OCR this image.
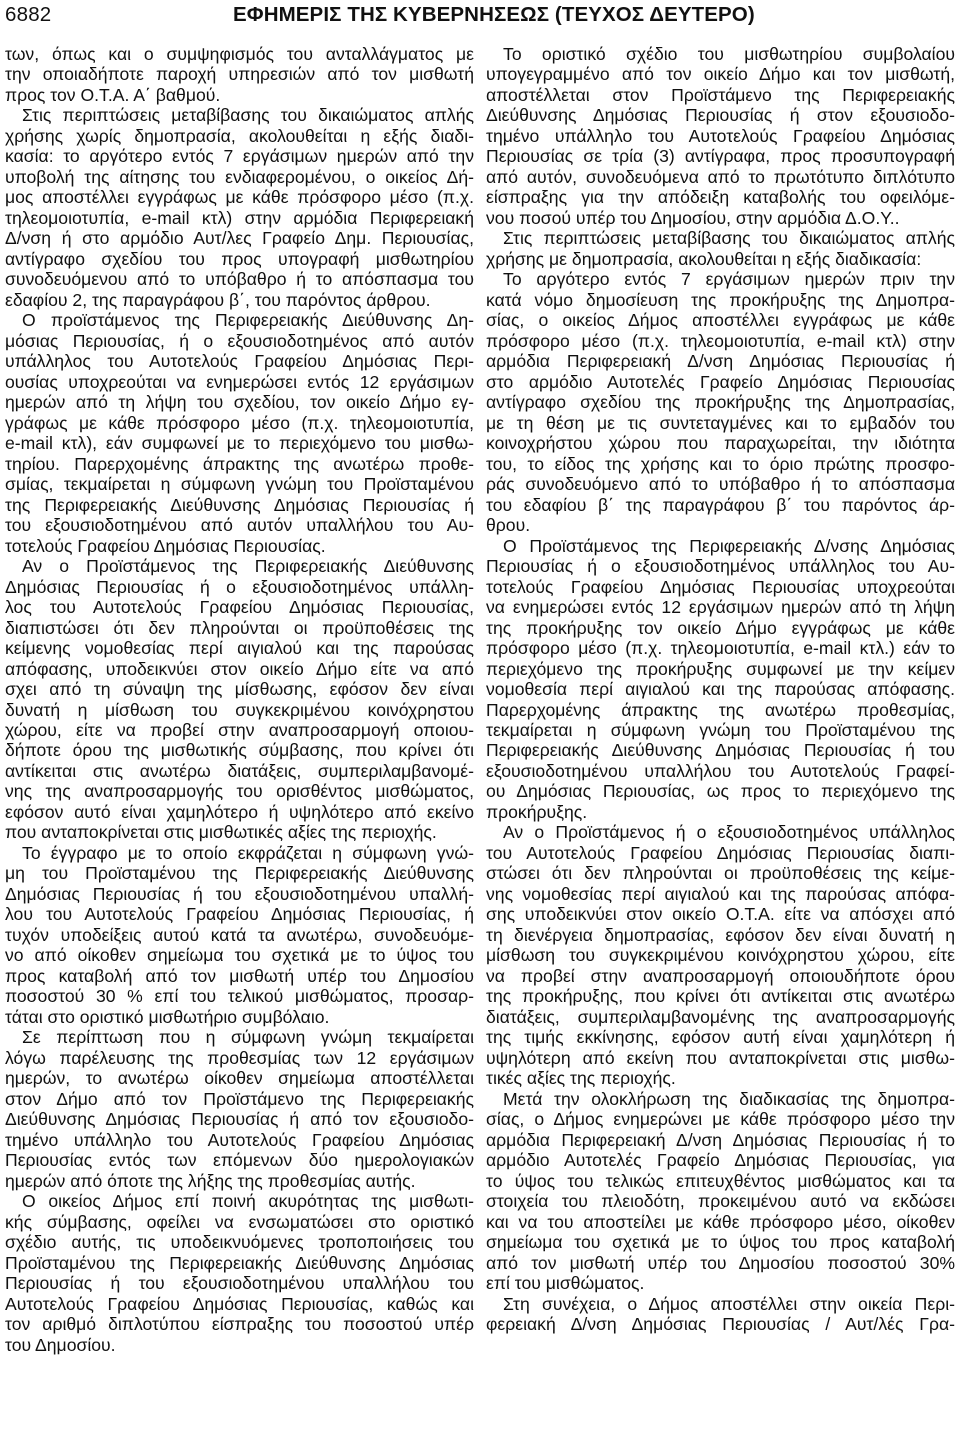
6882	ΕΦΗΜΕΡΙΣ ΤΗΣ ΚΥΒΕΡΝΗΣΕΩΣ (ΤΕΥΧΟΣ ΔΕΥΤΕΡΟ)

των, όπως και ο συμψηφισμός του ανταλλάγματος με
την οποιαδήποτε παροχή υπηρεσιών από τον μισθωτή
προς τον Ο.Τ.Α. Α΄ βαθμού.

Στις περιπτώσεις μεταβίβασης του δικαιώματος απλής
χρήσης χωρίς δημοπρασία, ακολουθείται η εξής διαδι-
κασία: το αργότερο εντός 7 εργάσιμων ημερών από την
υποβολή της αίτησης του ενδιαφερομένου, ο οικείος Δή-
μος αποστέλλει εγγράφως με κάθε πρόσφορο μέσο (π.χ.
τηλεομοιοτυπία, e-mail κτλ) στην αρμόδια Περιφερειακή
Δ/νση ή στο αρμόδιο Αυτ/λες Γραφείο Δημ. Περιουσίας,
αντίγραφο σχεδίου του προς υπογραφή μισθωτηρίου
συνοδευόμενου από το υπόβαθρο ή το απόσπασμα του
εδαφίου 2, της παραγράφου β΄, του παρόντος άρθρου.

Ο προϊστάμενος της Περιφερειακής Διεύθυνσης Δη-
μόσιας Περιουσίας, ή ο εξουσιοδοτημένος από αυτόν
υπάλληλος του Αυτοτελούς Γραφείου Δημόσιας Περι-
ουσίας υποχρεούται να ενημερώσει εντός 12 εργάσιμων
ημερών από τη λήψη του σχεδίου, τον οικείο Δήμο εγ-
γράφως με κάθε πρόσφορο μέσο (π.χ. τηλεομοιοτυπία,
e-mail κτλ), εάν συμφωνεί με το περιεχόμενο του μισθω-
τηρίου. Παρερχομένης άπρακτης της ανωτέρω προθε-
σμίας, τεκμαίρεται η σύμφωνη γνώμη του Προϊσταμένου
της Περιφερειακής Διεύθυνσης Δημόσιας Περιουσίας ή
του εξουσιοδοτημένου από αυτόν υπαλλήλου του Αυ-
τοτελούς Γραφείου Δημόσιας Περιουσίας.

Αν ο Προϊστάμενος της Περιφερειακής Διεύθυνσης
Δημόσιας Περιουσίας ή ο εξουσιοδοτημένος υπάλλη-
λος του Αυτοτελούς Γραφείου Δημόσιας Περιουσίας,
διαπιστώσει ότι δεν πληρούνται οι προϋποθέσεις της
κείμενης νομοθεσίας περί αιγιαλού και της παρούσας
απόφασης, υποδεικνύει στον οικείο Δήμο είτε να από
σχει από τη σύναψη της μίσθωσης, εφόσον δεν είναι
δυνατή η μίσθωση του συγκεκριμένου κοινόχρηστου
χώρου, είτε να προβεί στην αναπροσαρμογή οποιου-
δήποτε όρου της μισθωτικής σύμβασης, που κρίνει ότι
αντίκειται στις ανωτέρω διατάξεις, συμπεριλαμβανομέ-
νης της αναπροσαρμογής του ορισθέντος μισθώματος,
εφόσον αυτό είναι χαμηλότερο ή υψηλότερο από εκείνο
που ανταποκρίνεται στις μισθωτικές αξίες της περιοχής.

Το έγγραφο με το οποίο εκφράζεται η σύμφωνη γνώ-
μη του Προϊσταμένου της Περιφερειακής Διεύθυνσης
Δημόσιας Περιουσίας ή του εξουσιοδοτημένου υπαλλή-
λου του Αυτοτελούς Γραφείου Δημόσιας Περιουσίας, ή
τυχόν υποδείξεις αυτού κατά τα ανωτέρω, συνοδευόμε-
νο από οίκοθεν σημείωμα του σχετικά με το ύψος του
προς καταβολή από τον μισθωτή υπέρ του Δημοσίου
ποσοστού 30 % επί του τελικού μισθώματος, προσαρ-
τάται στο οριστικό μισθωτήριο συμβόλαιο.

Σε περίπτωση που η σύμφωνη γνώμη τεκμαίρεται
λόγω παρέλευσης της προθεσμίας των 12 εργάσιμων
ημερών, το ανωτέρω οίκοθεν σημείωμα αποστέλλεται
στον Δήμο από τον Προϊστάμενο της Περιφερειακής
Διεύθυνσης Δημόσιας Περιουσίας ή από τον εξουσιοδο-
τημένο υπάλληλο του Αυτοτελούς Γραφείου Δημόσιας
Περιουσίας εντός των επόμενων δύο ημερολογιακών
ημερών από όποτε της λήξης της προθεσμίας αυτής.

Ο οικείος Δήμος επί ποινή ακυρότητας της μισθωτι-
κής σύμβασης, οφείλει να ενσωματώσει στο οριστικό
σχέδιο αυτής, τις υποδεικνυόμενες τροποποιήσεις του
Προϊσταμένου της Περιφερειακής Διεύθυνσης Δημόσιας
Περιουσίας ή του εξουσιοδοτημένου υπαλλήλου του
Αυτοτελούς Γραφείου Δημόσιας Περιουσίας, καθώς και
τον αριθμό διπλοτύπου είσπραξης του ποσοστού υπέρ
του Δημοσίου.

Το οριστικό σχέδιο του μισθωτηρίου συμβολαίου
υπογεγραμμένο από τον οικείο Δήμο και τον μισθωτή,
αποστέλλεται στον Προϊστάμενο της Περιφερειακής
Διεύθυνσης Δημόσιας Περιουσίας ή στον εξουσιοδο-
τημένο υπάλληλο του Αυτοτελούς Γραφείου Δημόσιας
Περιουσίας σε τρία (3) αντίγραφα, προς προσυπογραφή
από αυτόν, συνοδευόμενα από το πρωτότυπο διπλότυπο
είσπραξης για την απόδειξη καταβολής του οφειλόμε-
νου ποσού υπέρ του Δημοσίου, στην αρμόδια Δ.Ο.Υ..

Στις περιπτώσεις μεταβίβασης του δικαιώματος απλής
χρήσης με δημοπρασία, ακολουθείται η εξής διαδικασία:

Το αργότερο εντός 7 εργάσιμων ημερών πριν την
κατά νόμο δημοσίευση της προκήρυξης της Δημοπρα-
σίας, ο οικείος Δήμος αποστέλλει εγγράφως με κάθε
πρόσφορο μέσο (π.χ. τηλεομοιοτυπία, e-mail κτλ) στην
αρμόδια Περιφερειακή Δ/νση Δημόσιας Περιουσίας ή
στο αρμόδιο Αυτοτελές Γραφείο Δημόσιας Περιουσίας
αντίγραφο σχεδίου της προκήρυξης της Δημοπρασίας,
με τη θέση με τις συντεταγμένες και το εμβαδόν του
κοινοχρήστου χώρου που παραχωρείται, την ιδιότητα
του, το είδος της χρήσης και το όριο πρώτης προσφο-
ράς συνοδευόμενο από το υπόβαθρο ή το απόσπασμα
του εδαφίου β΄ της παραγράφου β΄ του παρόντος άρ-
θρου.

Ο Προϊστάμενος της Περιφερειακής Δ/νσης Δημόσιας
Περιουσίας ή ο εξουσιοδοτημένος υπάλληλος του Αυ-
τοτελούς Γραφείου Δημόσιας Περιουσίας υποχρεούται
να ενημερώσει εντός 12 εργάσιμων ημερών από τη λήψη
της προκήρυξης τον οικείο Δήμο εγγράφως με κάθε
πρόσφορο μέσο (π.χ. τηλεομοιοτυπία, e-mail κτλ.) εάν το
περιεχόμενο της προκήρυξης συμφωνεί με την κείμεν
νομοθεσία περί αιγιαλού και της παρούσας απόφασης.
Παρερχομένης άπρακτης της ανωτέρω προθεσμίας,
τεκμαίρεται η σύμφωνη γνώμη του Προϊσταμένου της
Περιφερειακής Διεύθυνσης Δημόσιας Περιουσίας ή του
εξουσιοδοτημένου υπαλλήλου του Αυτοτελούς Γραφεί-
ου Δημόσιας Περιουσίας, ως προς το περιεχόμενο της
προκήρυξης.

Αν ο Προϊστάμενος ή ο εξουσιοδοτημένος υπάλληλος
του Αυτοτελούς Γραφείου Δημόσιας Περιουσίας διαπι-
στώσει ότι δεν πληρούνται οι προϋποθέσεις της κείμε-
νης νομοθεσίας περί αιγιαλού και της παρούσας απόφα-
σης υποδεικνύει στον οικείο Ο.Τ.Α. είτε να απόσχει από
τη διενέργεια δημοπρασίας, εφόσον δεν είναι δυνατή η
μίσθωση του συγκεκριμένου κοινόχρηστου χώρου, είτε
να προβεί στην αναπροσαρμογή οποιουδήποτε όρου
της προκήρυξης, που κρίνει ότι αντίκειται στις ανωτέρω
διατάξεις, συμπεριλαμβανομένης της αναπροσαρμογής
της τιμής εκκίνησης, εφόσον αυτή είναι χαμηλότερη ή
υψηλότερη από εκείνη που ανταποκρίνεται στις μισθω-
τικές αξίες της περιοχής.

Μετά την ολοκλήρωση της διαδικασίας της δημοπρα-
σίας, ο Δήμος ενημερώνει με κάθε πρόσφορο μέσο την
αρμόδια Περιφερειακή Δ/νση Δημόσιας Περιουσίας ή το
αρμόδιο Αυτοτελές Γραφείο Δημόσιας Περιουσίας, για
το ύψος του τελικώς επιτευχθέντος μισθώματος και τα
στοιχεία του πλειοδότη, προκειμένου αυτό να εκδώσει
και να του αποστείλει με κάθε πρόσφορο μέσο, οίκοθεν
σημείωμα του σχετικά με το ύψος του προς καταβολή
από τον μισθωτή υπέρ του Δημοσίου ποσοστού 30%
επί του μισθώματος.

Στη συνέχεια, ο Δήμος αποστέλλει στην οικεία Περι-
φερειακή Δ/νση Δημόσιας Περιουσίας / Αυτ/λές Γρα-
